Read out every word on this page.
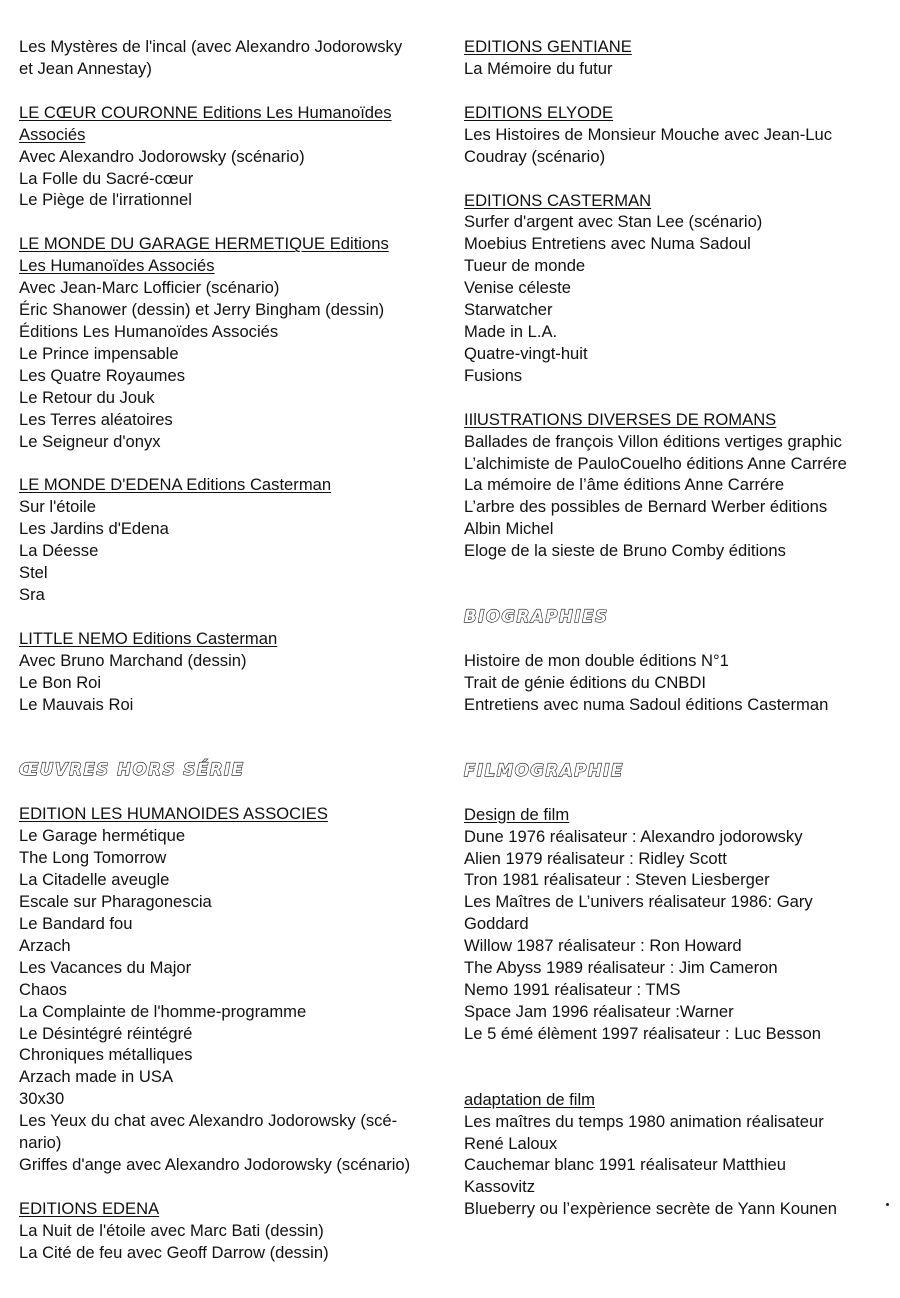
Les Mystères de l'incal (avec Alexandro Jodorowsky
et Jean Annestay)
LE CŒUR COURONNE Editions Les Humanoïdes
Associés
Avec Alexandro Jodorowsky (scénario)
La Folle du Sacré-cœur
Le Piège de l'irrationnel
LE MONDE DU GARAGE HERMETIQUE Editions
Les Humanoïdes Associés
Avec Jean-Marc Lofficier (scénario)
Éric Shanower (dessin) et Jerry Bingham (dessin)
Éditions Les Humanoïdes Associés
Le Prince impensable
Les Quatre Royaumes
Le Retour du Jouk
Les Terres aléatoires
Le Seigneur d'onyx
LE MONDE D'EDENA Editions Casterman
Sur l'étoile
Les Jardins d'Edena
La Déesse
Stel
Sra
LITTLE NEMO Editions Casterman
Avec Bruno Marchand (dessin)
Le Bon Roi
Le Mauvais Roi
ŒUVRES HORS SÉRIE
EDITION LES HUMANOIDES ASSOCIES
Le Garage hermétique
The Long Tomorrow
La Citadelle aveugle
Escale sur Pharagonescia
Le Bandard fou
Arzach
Les Vacances du Major
Chaos
La Complainte de l'homme-programme
Le Désintégré réintégré
Chroniques métalliques
Arzach made in USA
30x30
Les Yeux du chat avec Alexandro Jodorowsky (scé-
nario)
Griffes d'ange avec Alexandro Jodorowsky (scénario)
EDITIONS EDENA
La Nuit de l'étoile avec Marc Bati (dessin)
La Cité de feu avec Geoff Darrow (dessin)
EDITIONS GENTIANE
La Mémoire du futur
EDITIONS ELYODE
Les Histoires de Monsieur Mouche avec Jean-Luc
Coudray (scénario)
EDITIONS CASTERMAN
Surfer d'argent avec Stan Lee (scénario)
Moebius Entretiens avec Numa Sadoul
Tueur de monde
Venise céleste
Starwatcher
Made in L.A.
Quatre-vingt-huit
Fusions
IIlUSTRATIONS DIVERSES DE ROMANS
Ballades de françois Villon éditions vertiges graphic
L’alchimiste de PauloCouelho éditions Anne Carrére
La mémoire de l’âme éditions Anne Carrére
L’arbre des possibles de Bernard Werber éditions
Albin Michel
Eloge de la sieste de Bruno Comby éditions
BIOGRAPHIES
Histoire de mon double éditions N°1
Trait de génie éditions du CNBDI
Entretiens avec numa Sadoul éditions Casterman
FILMOGRAPHIE
Design de film
Dune 1976 réalisateur : Alexandro jodorowsky
Alien 1979 réalisateur : Ridley Scott
Tron 1981 réalisateur : Steven Liesberger
Les Maîtres de L’univers réalisateur 1986: Gary
Goddard
Willow 1987 réalisateur : Ron Howard
The Abyss 1989 réalisateur : Jim Cameron
Nemo 1991 réalisateur : TMS
Space Jam 1996 réalisateur :Warner
Le 5 émé élèment 1997 réalisateur : Luc Besson
adaptation de film
Les maîtres du temps 1980 animation réalisateur
René Laloux
Cauchemar blanc 1991 réalisateur Matthieu
Kassovitz
Blueberry ou l’expèrience secrète de Yann Kounen
